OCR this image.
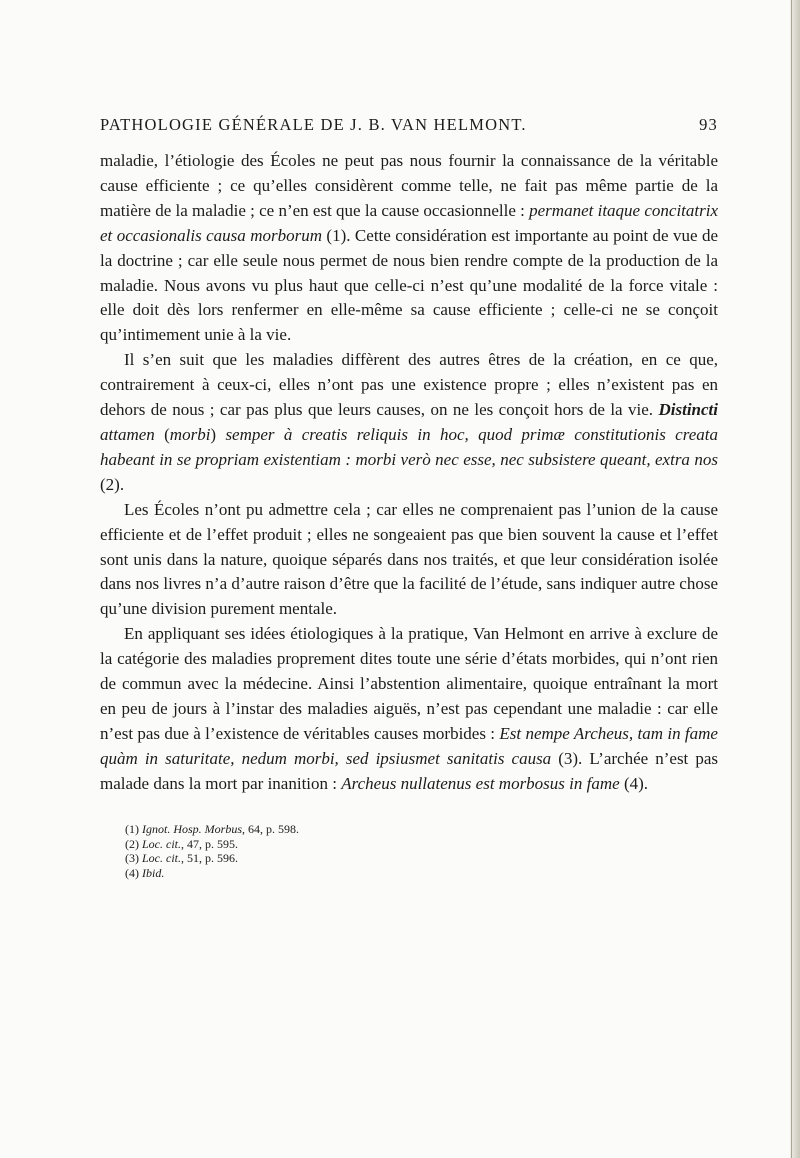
PATHOLOGIE GÉNÉRALE DE J. B. VAN HELMONT.	93

maladie, l’étiologie des Écoles ne peut pas nous fournir la connaissance de la véritable cause efficiente ; ce qu’elles considèrent comme telle, ne fait pas même partie de la matière de la maladie ; ce n’en est que la cause occasionnelle : permanet itaque concitatrix et occasionalis causa morborum (1). Cette considération est importante au point de vue de la doctrine ; car elle seule nous permet de nous bien rendre compte de la production de la maladie. Nous avons vu plus haut que celle-ci n’est qu’une modalité de la force vitale : elle doit dès lors renfermer en elle-même sa cause efficiente ; celle-ci ne se conçoit qu’intimement unie à la vie.

Il s’en suit que les maladies diffèrent des autres êtres de la création, en ce que, contrairement à ceux-ci, elles n’ont pas une existence propre ; elles n’existent pas en dehors de nous ; car pas plus que leurs causes, on ne les conçoit hors de la vie. Distincti attamen (morbi) semper à creatis reliquis in hoc, quod primæ constitutionis creata habeant in se propriam existentiam : morbi verò nec esse, nec subsistere queant, extra nos (2).

Les Écoles n’ont pu admettre cela ; car elles ne comprenaient pas l’union de la cause efficiente et de l’effet produit ; elles ne songeaient pas que bien souvent la cause et l’effet sont unis dans la nature, quoique séparés dans nos traités, et que leur considération isolée dans nos livres n’a d’autre raison d’être que la facilité de l’étude, sans indiquer autre chose qu’une division purement mentale.

En appliquant ses idées étiologiques à la pratique, Van Helmont en arrive à exclure de la catégorie des maladies proprement dites toute une série d’états morbides, qui n’ont rien de commun avec la médecine. Ainsi l’abstention alimentaire, quoique entraînant la mort en peu de jours à l’instar des maladies aiguës, n’est pas cependant une maladie : car elle n’est pas due à l’existence de véritables causes morbides : Est nempe Archeus, tam in fame quàm in saturitate, nedum morbi, sed ipsiusmet sanitatis causa (3). L’archée n’est pas malade dans la mort par inanition : Archeus nullatenus est morbosus in fame (4).

(1) Ignot. Hosp. Morbus, 64, p. 598.
(2) Loc. cit., 47, p. 595.
(3) Loc. cit., 51, p. 596.
(4) Ibid.
